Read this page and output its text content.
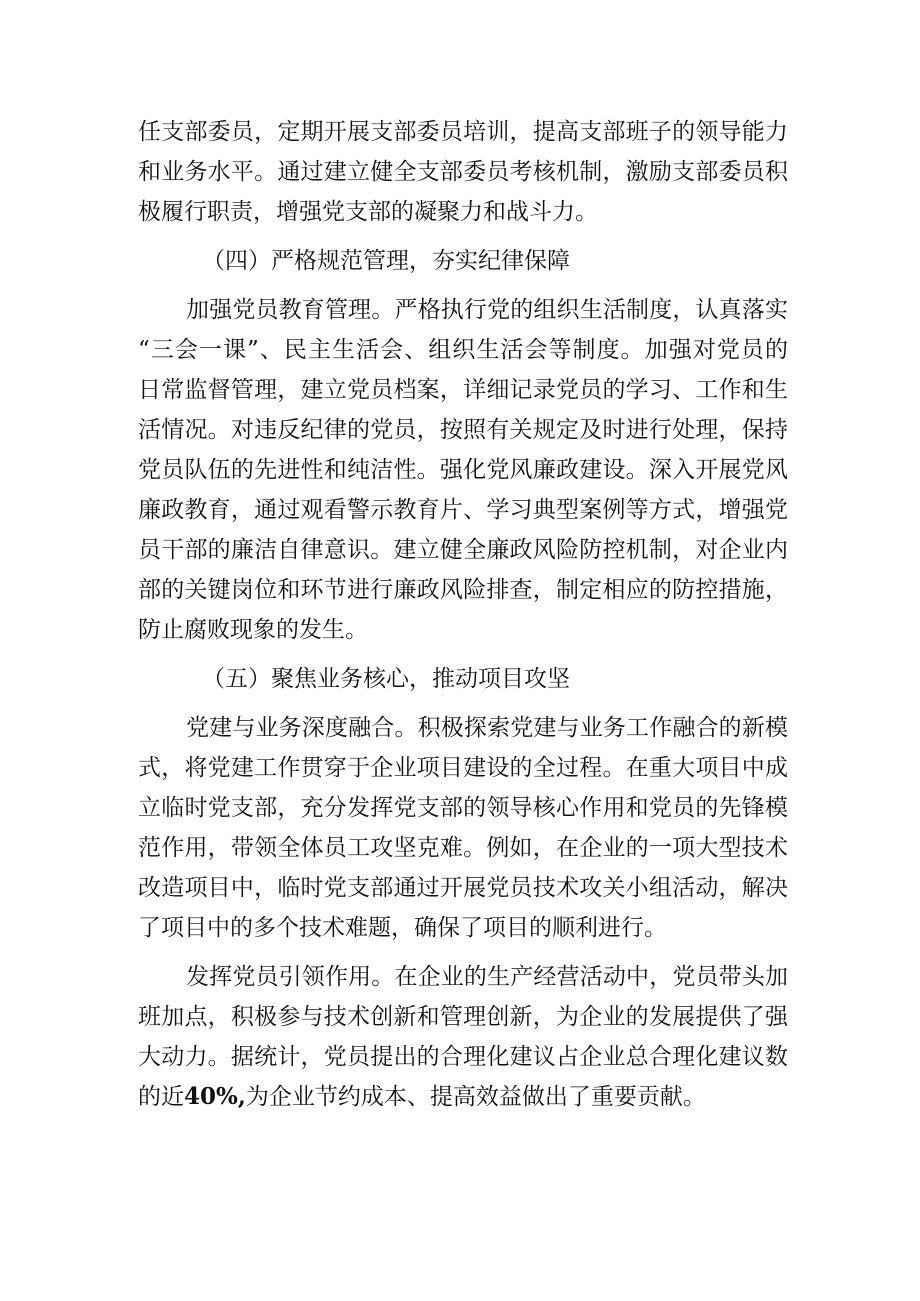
任支部委员，定期开展支部委员培训，提高支部班子的领导能力
和业务水平。通过建立健全支部委员考核机制，激励支部委员积
极履行职责，增强党支部的凝聚力和战斗力。
（四）严格规范管理，夯实纪律保障
加强党员教育管理。严格执行党的组织生活制度，认真落实
“三会一课”、民主生活会、组织生活会等制度。加强对党员的
日常监督管理，建立党员档案，详细记录党员的学习、工作和生
活情况。对违反纪律的党员，按照有关规定及时进行处理，保持
党员队伍的先进性和纯洁性。强化党风廉政建设。深入开展党风
廉政教育，通过观看警示教育片、学习典型案例等方式，增强党
员干部的廉洁自律意识。建立健全廉政风险防控机制，对企业内
部的关键岗位和环节进行廉政风险排查，制定相应的防控措施，
防止腐败现象的发生。
（五）聚焦业务核心，推动项目攻坚
党建与业务深度融合。积极探索党建与业务工作融合的新模
式，将党建工作贯穿于企业项目建设的全过程。在重大项目中成
立临时党支部，充分发挥党支部的领导核心作用和党员的先锋模
范作用，带领全体员工攻坚克难。例如，在企业的一项大型技术
改造项目中，临时党支部通过开展党员技术攻关小组活动，解决
了项目中的多个技术难题，确保了项目的顺利进行。
发挥党员引领作用。在企业的生产经营活动中，党员带头加
班加点，积极参与技术创新和管理创新，为企业的发展提供了强
大动力。据统计，党员提出的合理化建议占企业总合理化建议数
的近40%,为企业节约成本、提高效益做出了重要贡献。
